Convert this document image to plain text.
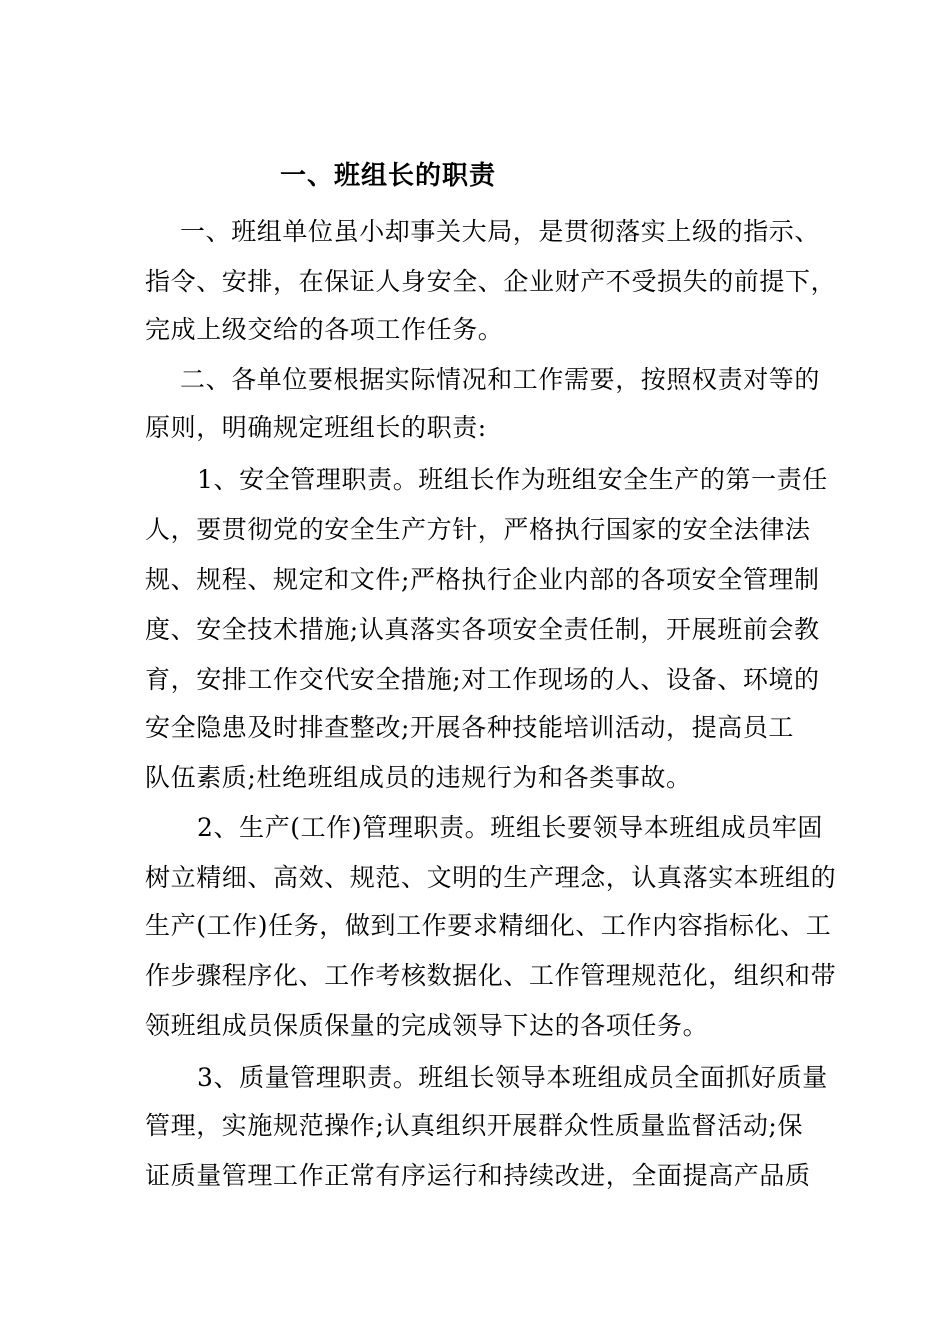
一、班组长的职责

一、班组单位虽小却事关大局，是贯彻落实上级的指示、

指令、安排，在保证人身安全、企业财产不受损失的前提下，

完成上级交给的各项工作任务。

二、各单位要根据实际情况和工作需要，按照权责对等的

原则，明确规定班组长的职责:

1、安全管理职责。班组长作为班组安全生产的第一责任

人，要贯彻党的安全生产方针，严格执行国家的安全法律法

规、规程、规定和文件;严格执行企业内部的各项安全管理制

度、安全技术措施;认真落实各项安全责任制，开展班前会教

育，安排工作交代安全措施;对工作现场的人、设备、环境的

安全隐患及时排查整改;开展各种技能培训活动，提高员工

队伍素质;杜绝班组成员的违规行为和各类事故。

2、生产(工作)管理职责。班组长要领导本班组成员牢固

树立精细、高效、规范、文明的生产理念，认真落实本班组的

生产(工作)任务，做到工作要求精细化、工作内容指标化、工

作步骤程序化、工作考核数据化、工作管理规范化，组织和带

领班组成员保质保量的完成领导下达的各项任务。

3、质量管理职责。班组长领导本班组成员全面抓好质量

管理，实施规范操作;认真组织开展群众性质量监督活动;保

证质量管理工作正常有序运行和持续改进，全面提高产品质
